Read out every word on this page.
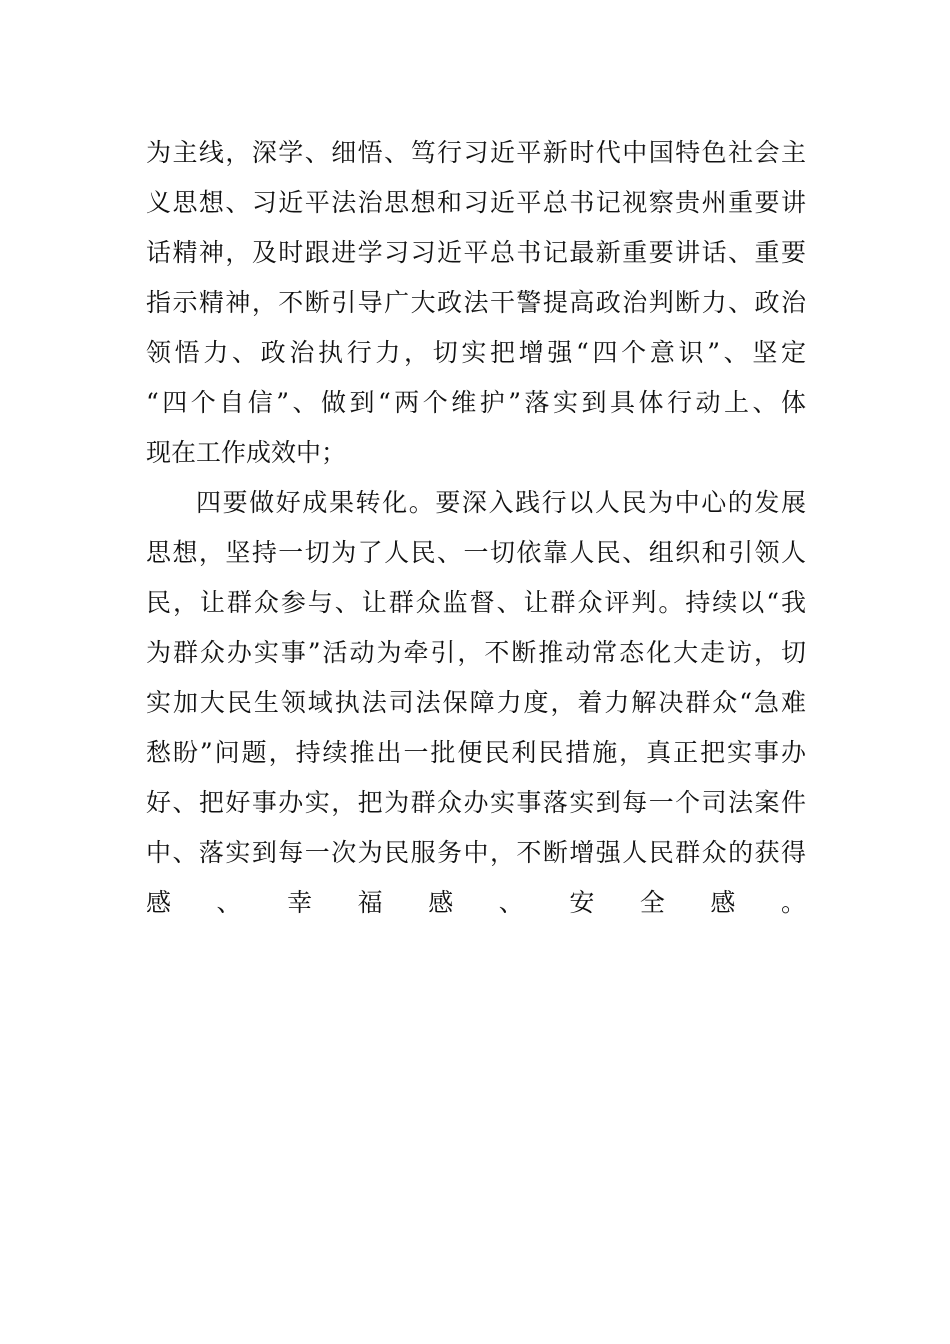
为主线，深学、细悟、笃行习近平新时代中国特色社会主
义思想、习近平法治思想和习近平总书记视察贵州重要讲
话精神，及时跟进学习习近平总书记最新重要讲话、重要
指示精神，不断引导广大政法干警提高政治判断力、政治
领悟力、政治执行力，切实把增强“四个意识”、坚定
“四个自信”、做到“两个维护”落实到具体行动上、体
现在工作成效中；
四要做好成果转化。要深入践行以人民为中心的发展
思想，坚持一切为了人民、一切依靠人民、组织和引领人
民，让群众参与、让群众监督、让群众评判。持续以“我
为群众办实事”活动为牵引，不断推动常态化大走访，切
实加大民生领域执法司法保障力度，着力解决群众“急难
愁盼”问题，持续推出一批便民利民措施，真正把实事办
好、把好事办实，把为群众办实事落实到每一个司法案件
中、落实到每一次为民服务中，不断增强人民群众的获得
感、幸福感、安全感。
